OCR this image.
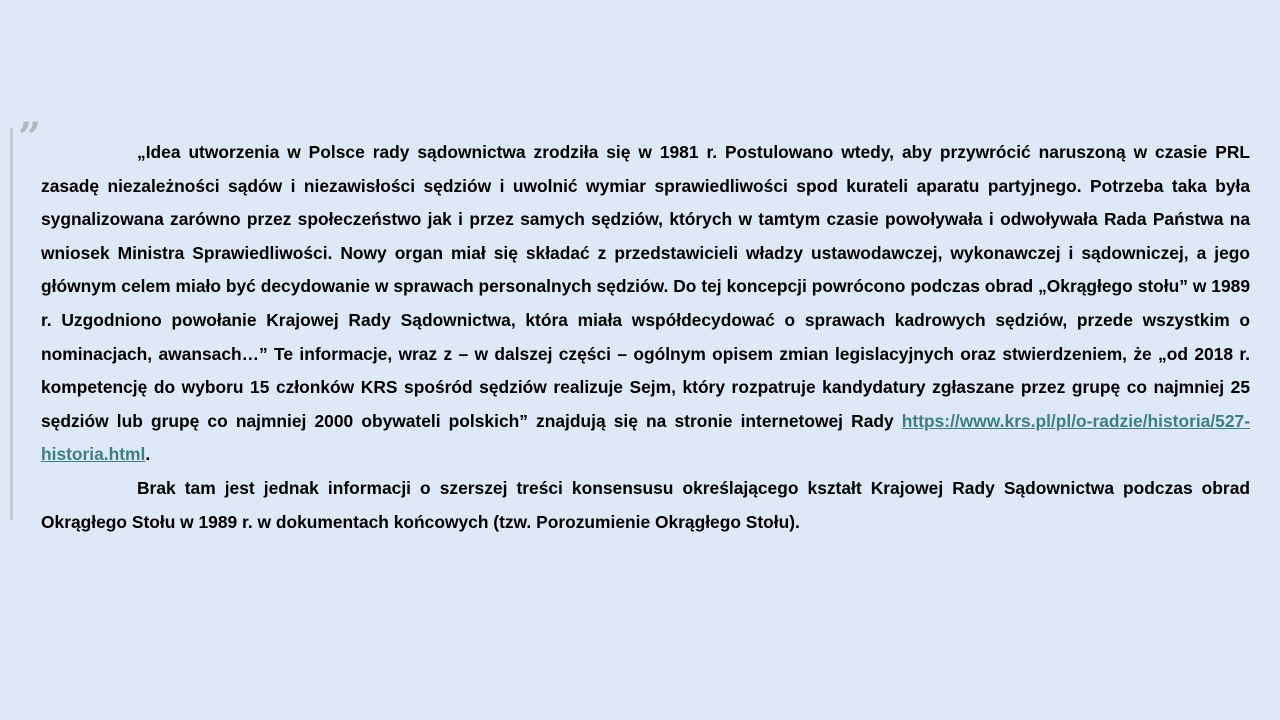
”	„Idea utworzenia w Polsce rady sądownictwa zrodziła się w 1981 r. Postulowano wtedy, aby przywrócić naruszoną w czasie PRL zasadę niezależności sądów i niezawisłości sędziów i uwolnić wymiar sprawiedliwości spod kurateli aparatu partyjnego. Potrzeba taka była sygnalizowana zarówno przez społeczeństwo jak i przez samych sędziów, których w tamtym czasie powoływała i odwoływała Rada Państwa na wniosek Ministra Sprawiedliwości. Nowy organ miał się składać z przedstawicieli władzy ustawodawczej, wykonawczej i sądowniczej, a jego głównym celem miało być decydowanie w sprawach personalnych sędziów. Do tej koncepcji powrócono podczas obrad „Okrągłego stołu” w 1989 r. Uzgodniono powołanie Krajowej Rady Sądownictwa, która miała współdecydować o sprawach kadrowych sędziów, przede wszystkim o nominacjach, awansach…” Te informacje, wraz z – w dalszej części – ogólnym opisem zmian legislacyjnych oraz stwierdzeniem, że „od 2018 r. kompetencję do wyboru 15 członków KRS spośród sędziów realizuje Sejm, który rozpatruje kandydatury zgłaszane przez grupę co najmniej 25 sędziów lub grupę co najmniej 2000 obywateli polskich” znajdują się na stronie internetowej Rady https://www.krs.pl/pl/o-radzie/historia/527-historia.html.

Brak tam jest jednak informacji o szerszej treści konsensusu określającego kształt Krajowej Rady Sądownictwa podczas obrad Okrągłego Stołu w 1989 r. w dokumentach końcowych (tzw. Porozumienie Okrągłego Stołu).
